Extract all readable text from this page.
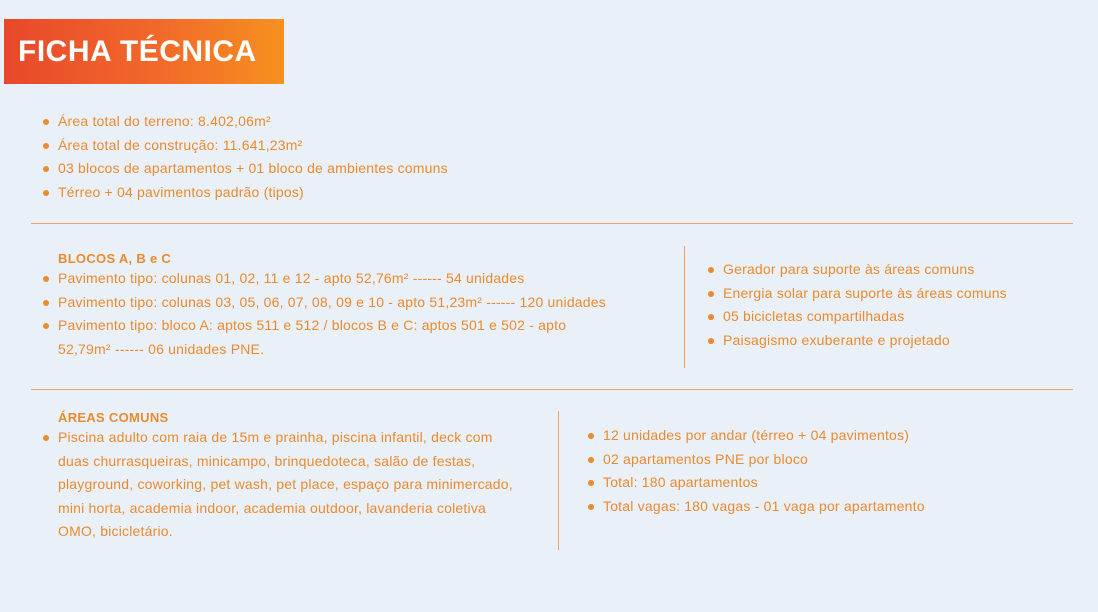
FICHA TÉCNICA
Área total do terreno: 8.402,06m²
Área total de construção: 11.641,23m²
03 blocos de apartamentos + 01 bloco de ambientes comuns
Térreo + 04 pavimentos padrão (tipos)
BLOCOS A, B e C
Pavimento tipo: colunas 01, 02, 11 e 12 - apto 52,76m² ------ 54 unidades
Pavimento tipo: colunas 03, 05, 06, 07, 08, 09 e 10 - apto 51,23m² ------ 120 unidades
Pavimento tipo: bloco A: aptos 511 e 512 / blocos B e C: aptos 501 e 502 - apto 52,79m² ------ 06 unidades PNE.
Gerador para suporte às áreas comuns
Energia solar para suporte às áreas comuns
05 bicicletas compartilhadas
Paisagismo exuberante e projetado
ÁREAS COMUNS
Piscina adulto com raia de 15m e prainha, piscina infantil, deck com duas churrasqueiras, minicampo, brinquedoteca, salão de festas, playground, coworking, pet wash, pet place, espaço para minimercado, mini horta, academia indoor, academia outdoor, lavanderia coletiva OMO, bicicletário.
12 unidades por andar (térreo + 04 pavimentos)
02 apartamentos PNE por bloco
Total: 180 apartamentos
Total vagas: 180 vagas - 01 vaga por apartamento
